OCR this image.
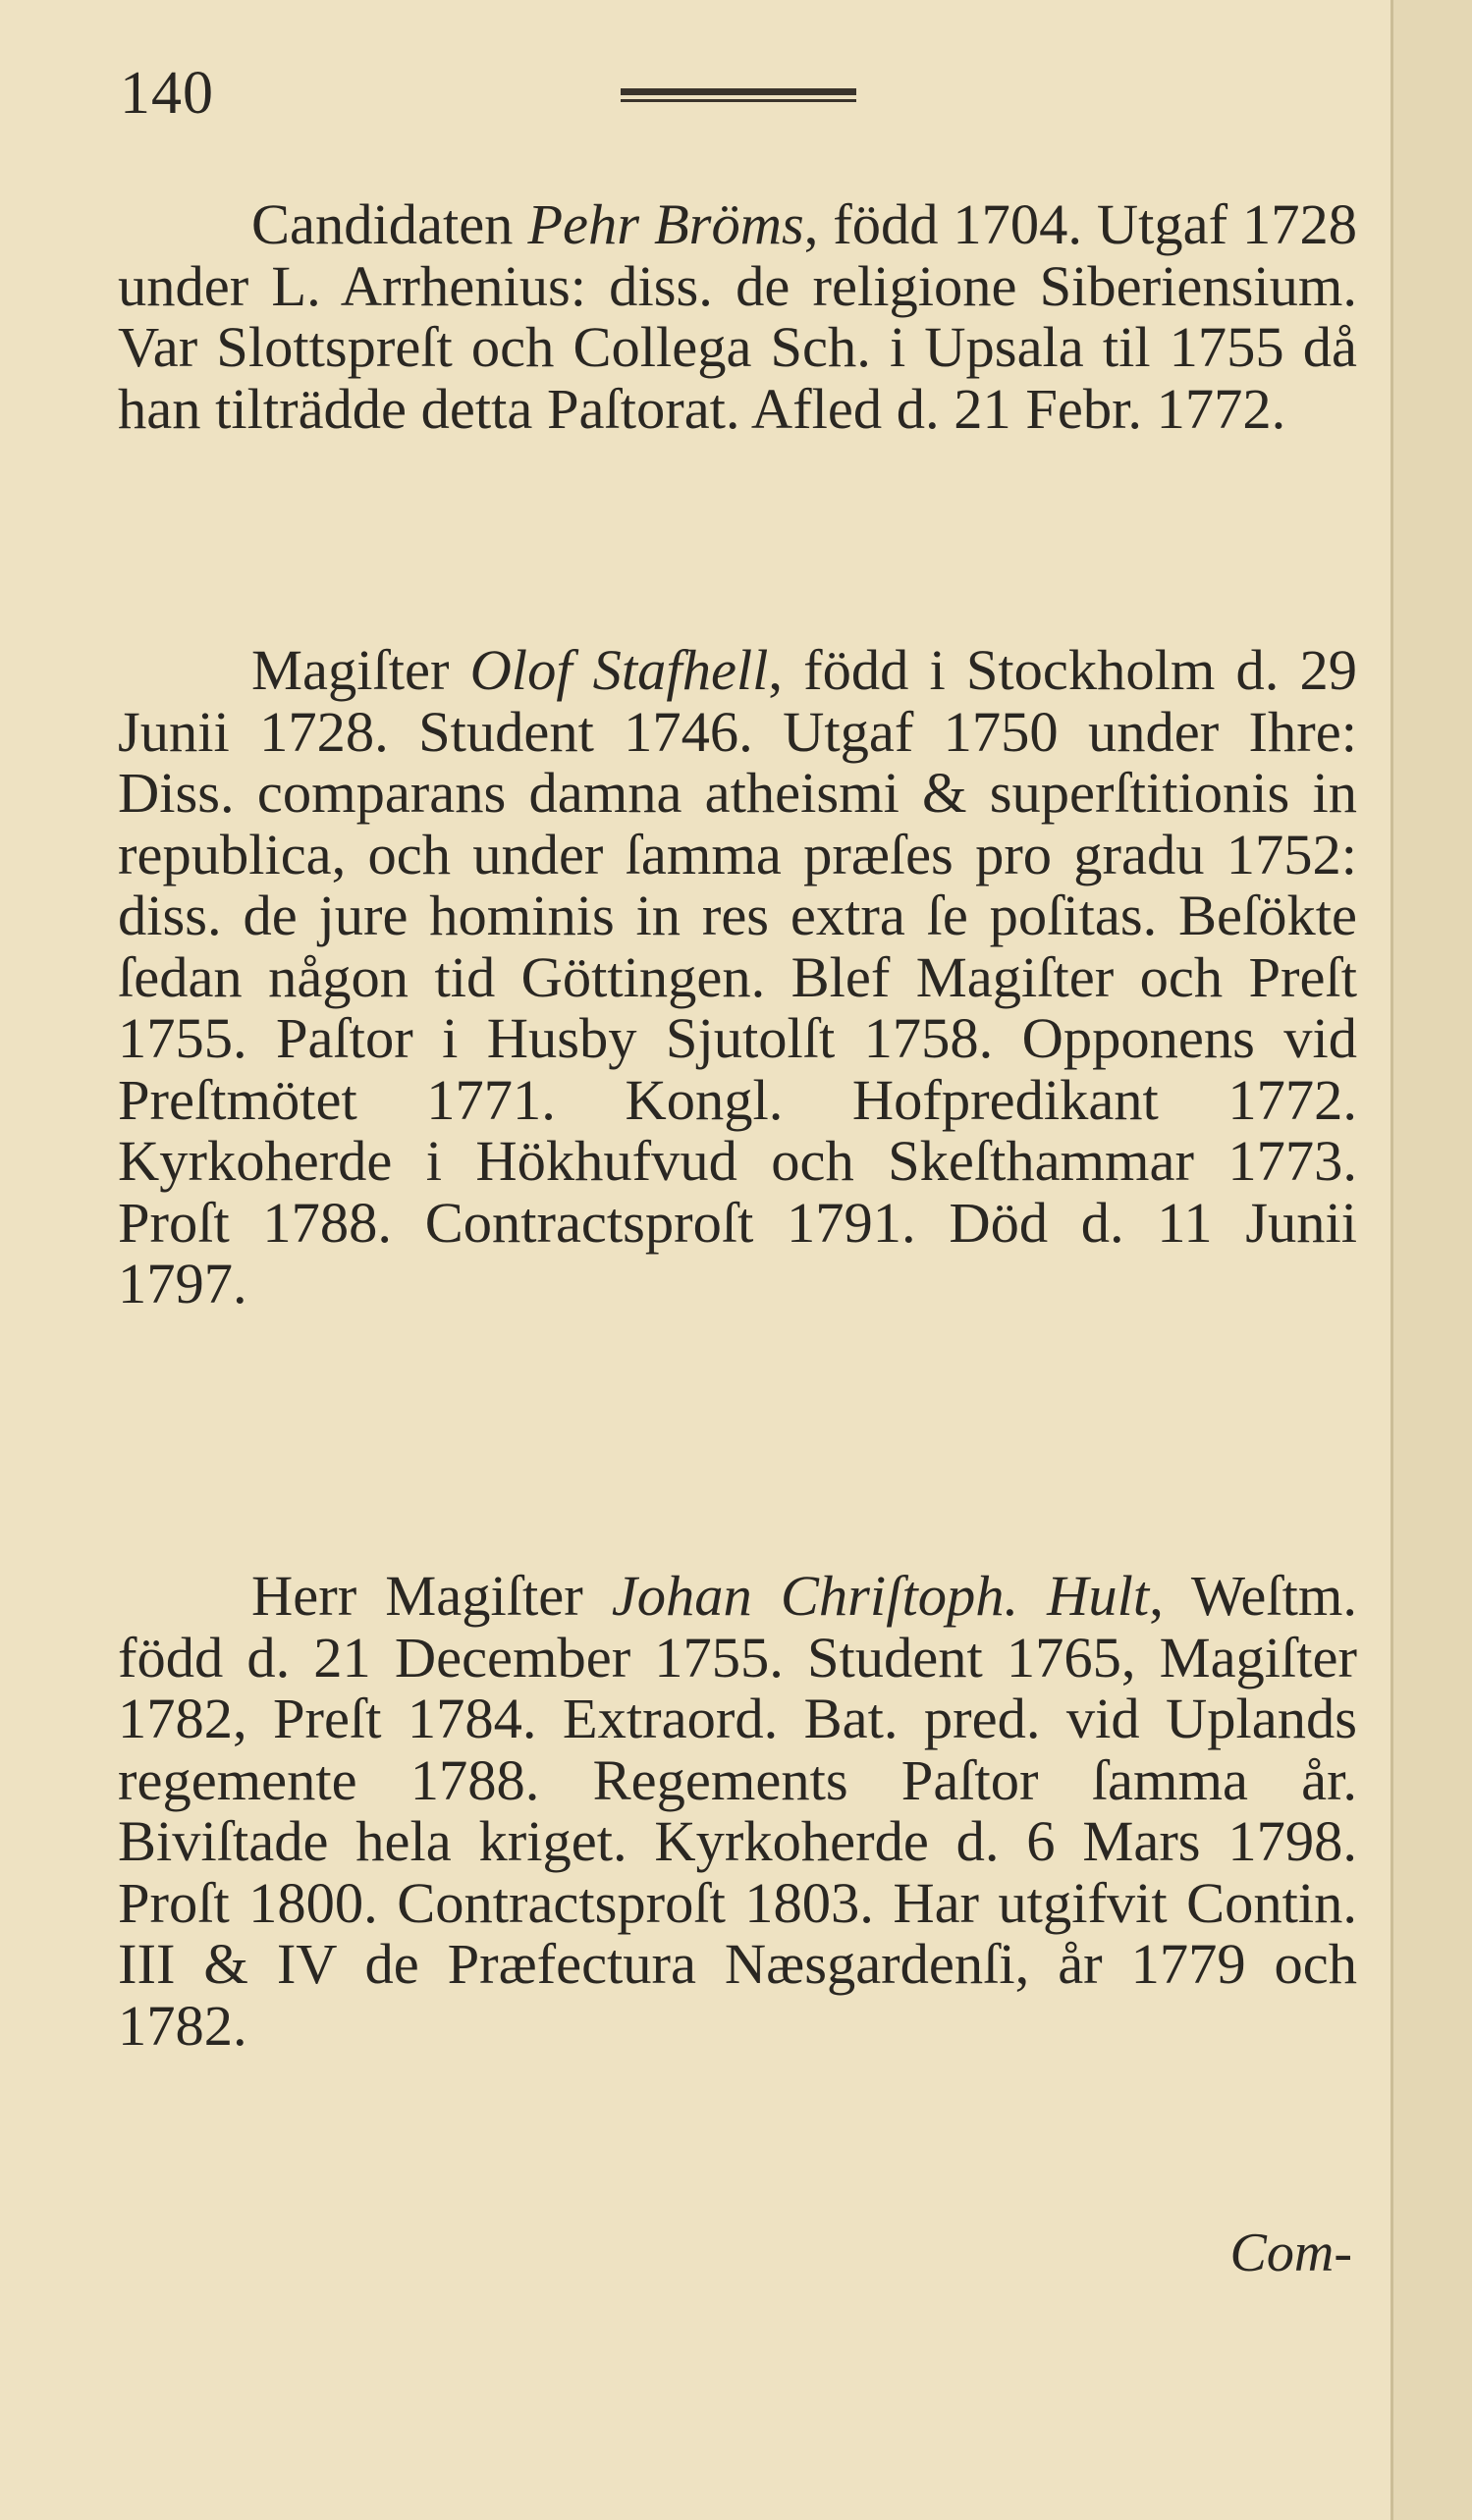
140

Candidaten Pehr Bröms, född 1704. Utgaf 1728 under L. Arrhenius: diss. de religione Siberiensium. Var Slottspreſt och Collega Sch. i Upsala til 1755 då han tilträdde detta Paſtorat. Afled d. 21 Febr. 1772.

Magiſter Olof Stafhell, född i Stockholm d. 29 Junii 1728. Student 1746. Utgaf 1750 under Ihre: Diss. comparans damna atheismi & superſtitionis in republica, och under ſamma præſes pro gradu 1752: diss. de jure hominis in res extra ſe poſitas. Beſökte ſedan någon tid Göttingen. Blef Magiſter och Preſt 1755. Paſtor i Husby Sjutolſt 1758. Opponens vid Preſtmötet 1771. Kongl. Hofpredikant 1772. Kyrkoherde i Hökhufvud och Skeſthammar 1773. Proſt 1788. Contractsproſt 1791. Död d. 11 Junii 1797.

Herr Magiſter Johan Chriſtoph. Hult, Weſtm. född d. 21 December 1755. Student 1765, Magiſter 1782, Preſt 1784. Extraord. Bat. pred. vid Uplands regemente 1788. Regements Paſtor ſamma år. Biviſtade hela kriget. Kyrkoherde d. 6 Mars 1798. Proſt 1800. Contractsproſt 1803. Har utgifvit Contin. III & IV de Præfectura Næsgardenſi, år 1779 och 1782.

Com-
